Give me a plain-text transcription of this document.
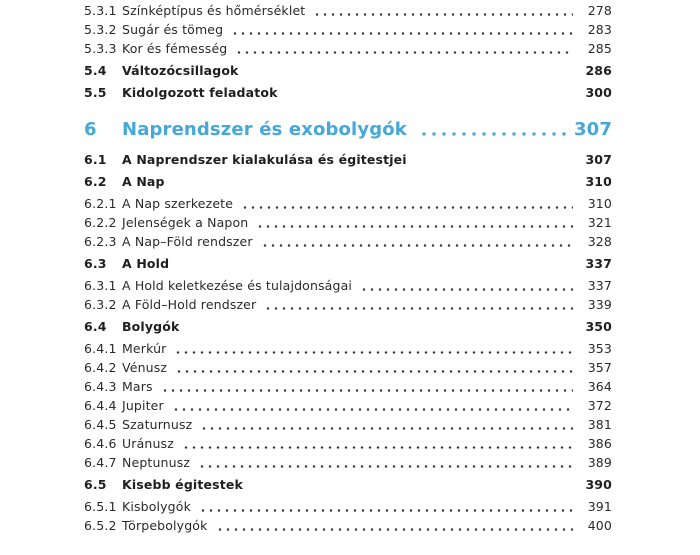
5.3.1 Színképtípus és hőmérséklet	278
5.3.2 Sugár és tömeg	283
5.3.3 Kor és fémesség	285
5.4	Változócsillagok	286
5.5	Kidolgozott feladatok	300
6	Naprendszer és exobolygók	307
6.1	A Naprendszer kialakulása és égitestjei	307
6.2	A Nap	310
6.2.1 A Nap szerkezete	310
6.2.2 Jelenségek a Napon	321
6.2.3 A Nap–Föld rendszer	328
6.3	A Hold	337
6.3.1 A Hold keletkezése és tulajdonságai	337
6.3.2 A Föld–Hold rendszer	339
6.4	Bolygók	350
6.4.1 Merkúr	353
6.4.2 Vénusz	357
6.4.3 Mars	364
6.4.4 Jupiter	372
6.4.5 Szaturnusz	381
6.4.6 Uránusz	386
6.4.7 Neptunusz	389
6.5	Kisebb égitestek	390
6.5.1 Kisbolygók	391
6.5.2 Törpebolygók	400
